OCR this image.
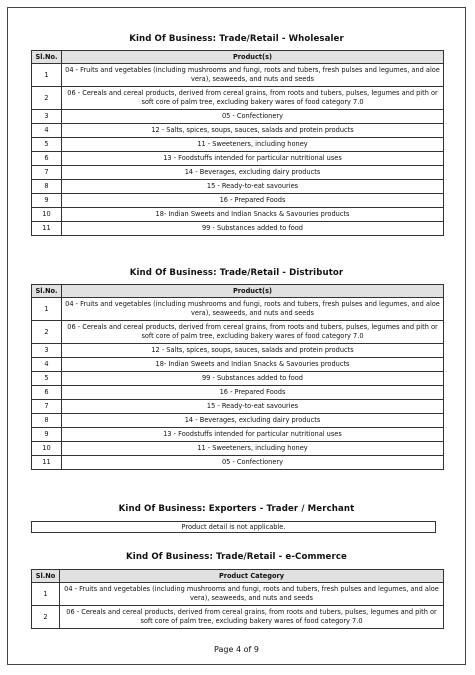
Kind Of Business: Trade/Retail - Wholesaler
Sl.No.	Product(s)
1	04 - Fruits and vegetables (including mushrooms and fungi, roots and tubers, fresh pulses and legumes, and aloe vera), seaweeds, and nuts and seeds
2	06 - Cereals and cereal products, derived from cereal grains, from roots and tubers, pulses, legumes and pith or soft core of palm tree, excluding bakery wares of food category 7.0
3	05 - Confectionery
4	12 - Salts, spices, soups, sauces, salads and protein products
5	11 - Sweeteners, including honey
6	13 - Foodstuffs intended for particular nutritional uses
7	14 - Beverages, excluding dairy products
8	15 - Ready-to-eat savouries
9	16 - Prepared Foods
10	18- Indian Sweets and Indian Snacks & Savouries products
11	99 - Substances added to food
Kind Of Business: Trade/Retail - Distributor
Sl.No.	Product(s)
1	04 - Fruits and vegetables (including mushrooms and fungi, roots and tubers, fresh pulses and legumes, and aloe vera), seaweeds, and nuts and seeds
2	06 - Cereals and cereal products, derived from cereal grains, from roots and tubers, pulses, legumes and pith or soft core of palm tree, excluding bakery wares of food category 7.0
3	12 - Salts, spices, soups, sauces, salads and protein products
4	18- Indian Sweets and Indian Snacks & Savouries products
5	99 - Substances added to food
6	16 - Prepared Foods
7	15 - Ready-to-eat savouries
8	14 - Beverages, excluding dairy products
9	13 - Foodstuffs intended for particular nutritional uses
10	11 - Sweeteners, including honey
11	05 - Confectionery
Kind Of Business: Exporters - Trader / Merchant
Product detail is not applicable.
Kind Of Business: Trade/Retail - e-Commerce
Sl.No	Product Category
1	04 - Fruits and vegetables (including mushrooms and fungi, roots and tubers, fresh pulses and legumes, and aloe vera), seaweeds, and nuts and seeds
2	06 - Cereals and cereal products, derived from cereal grains, from roots and tubers, pulses, legumes and pith or soft core of palm tree, excluding bakery wares of food category 7.0
Page 4 of 9
